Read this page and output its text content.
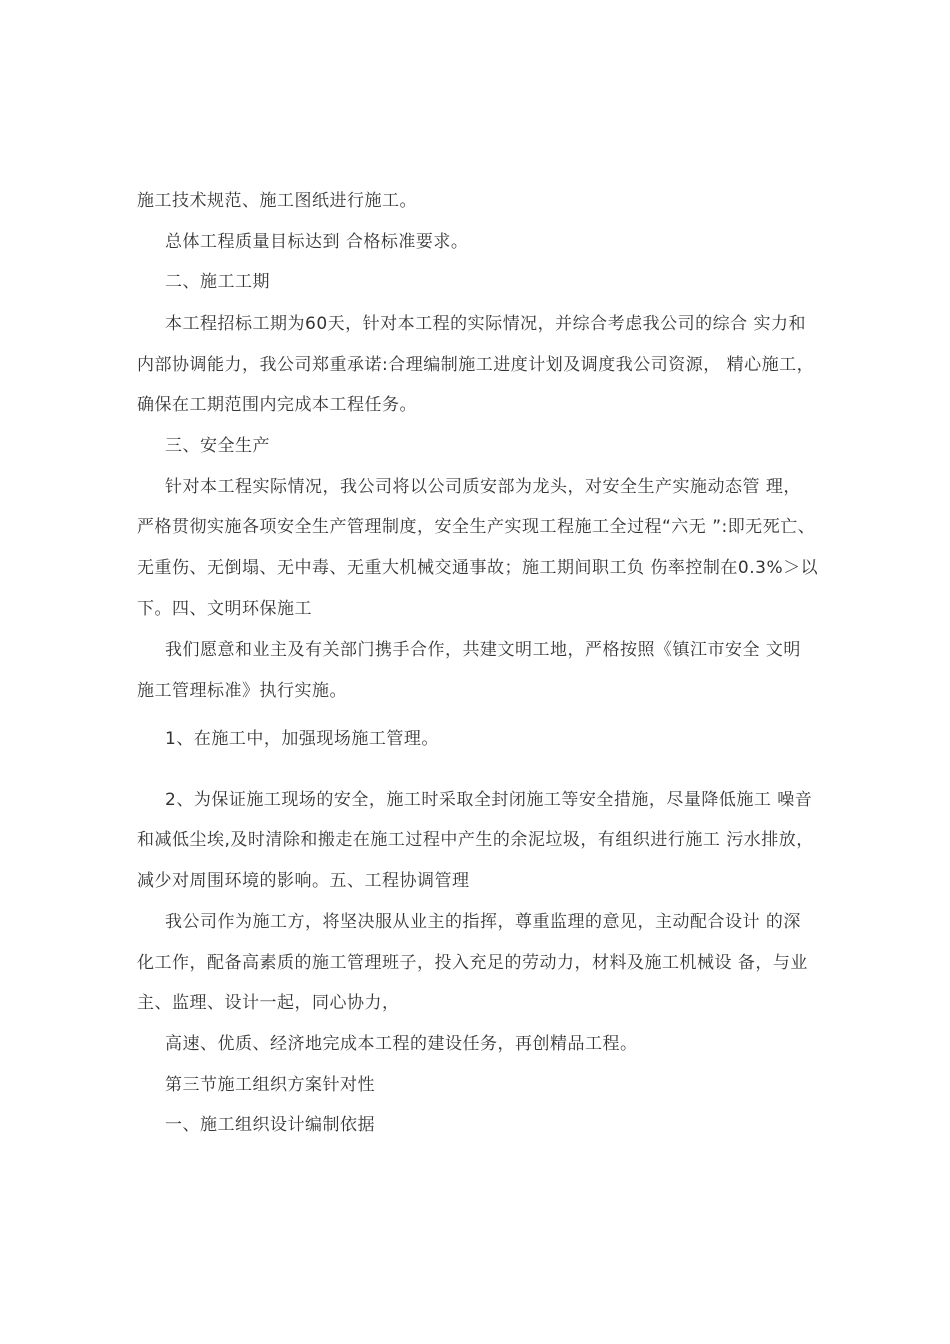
施工技术规范、施工图纸进行施工。
总体工程质量目标达到 合格标准要求。
二、施工工期
本工程招标工期为60天，针对本工程的实际情况，并综合考虑我公司的综合 实力和
内部协调能力，我公司郑重承诺:合理编制施工进度计划及调度我公司资源， 精心施工，
确保在工期范围内完成本工程任务。
三、安全生产
针对本工程实际情况，我公司将以公司质安部为龙头，对安全生产实施动态管 理，
严格贯彻实施各项安全生产管理制度，安全生产实现工程施工全过程“六无 ”:即无死亡、
无重伤、无倒塌、无中毒、无重大机械交通事故；施工期间职工负 伤率控制在0.3%＞以
下。四、文明环保施工
我们愿意和业主及有关部门携手合作，共建文明工地，严格按照《镇江市安全 文明
施工管理标准》执行实施。
1、在施工中，加强现场施工管理。
2、为保证施工现场的安全，施工时采取全封闭施工等安全措施，尽量降低施工 噪音
和减低尘埃,及时清除和搬走在施工过程中产生的余泥垃圾，有组织进行施工 污水排放，
减少对周围环境的影响。五、工程协调管理
我公司作为施工方，将坚决服从业主的指挥，尊重监理的意见，主动配合设计 的深
化工作，配备高素质的施工管理班子，投入充足的劳动力，材料及施工机械设 备，与业
主、监理、设计一起，同心协力，
高速、优质、经济地完成本工程的建设任务，再创精品工程。
第三节施工组织方案针对性
一、施工组织设计编制依据
